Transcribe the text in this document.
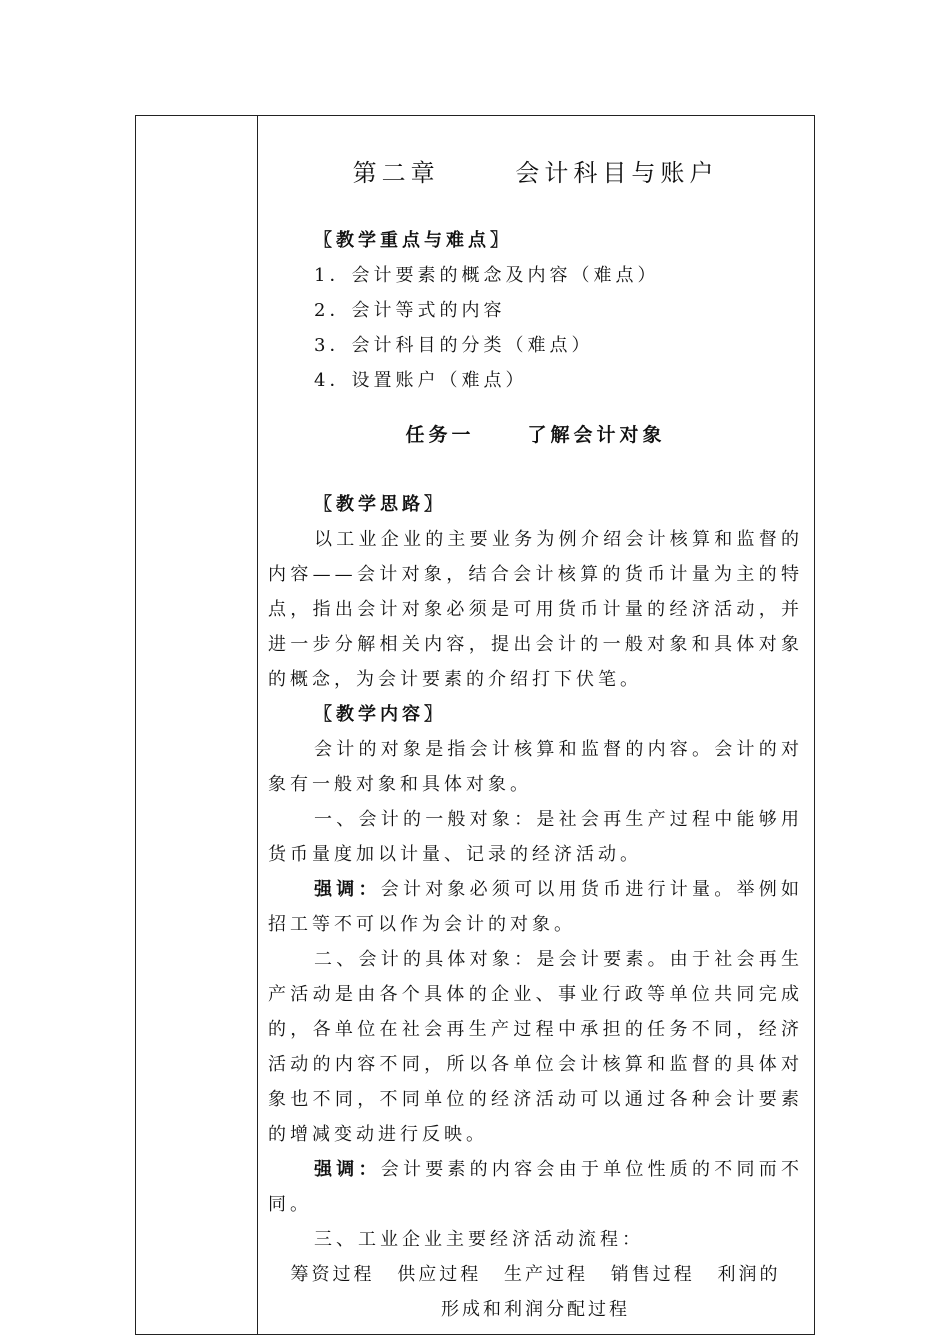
第二章      会计科目与账户
〖教学重点与难点〗
1．会计要素的概念及内容（难点）
2．会计等式的内容
3．会计科目的分类（难点）
4．设置账户（难点）
任务一     了解会计对象
〖教学思路〗

以工业企业的主要业务为例介绍会计核算和监督的内容——会计对象，结合会计核算的货币计量为主的特点，指出会计对象必须是可用货币计量的经济活动，并进一步分解相关内容，提出会计的一般对象和具体对象的概念，为会计要素的介绍打下伏笔。

〖教学内容〗

会计的对象是指会计核算和监督的内容。会计的对象有一般对象和具体对象。

一、会计的一般对象：是社会再生产过程中能够用货币量度加以计量、记录的经济活动。

强调：会计对象必须可以用货币进行计量。举例如招工等不可以作为会计的对象。

二、会计的具体对象：是会计要素。由于社会再生产活动是由各个具体的企业、事业行政等单位共同完成的，各单位在社会再生产过程中承担的任务不同，经济活动的内容不同，所以各单位会计核算和监督的具体对象也不同，不同单位的经济活动可以通过各种会计要素的增减变动进行反映。

强调：会计要素的内容会由于单位性质的不同而不同。

三、工业企业主要经济活动流程：

筹资过程 供应过程 生产过程 销售过程 利润的
形成和利润分配过程
